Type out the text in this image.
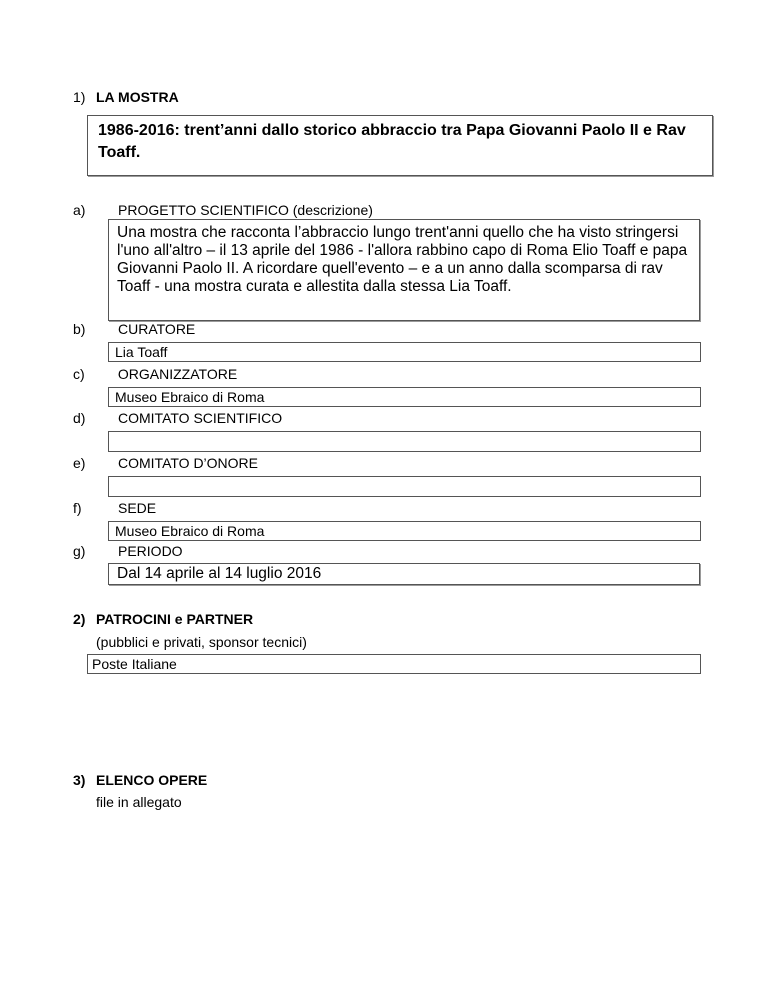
1) LA MOSTRA
1986-2016: trent’anni dallo storico abbraccio tra Papa Giovanni Paolo II e Rav Toaff.
a) PROGETTO SCIENTIFICO (descrizione)
Una mostra che racconta l’abbraccio lungo trent'anni quello che ha visto stringersi l'uno all'altro – il 13 aprile del 1986 - l'allora rabbino capo di Roma Elio Toaff e papa Giovanni Paolo II. A ricordare quell'evento – e a un anno dalla scomparsa di rav Toaff - una mostra curata e allestita dalla stessa Lia Toaff.
b) CURATORE
Lia Toaff
c) ORGANIZZATORE
Museo Ebraico di Roma
d) COMITATO SCIENTIFICO
e) COMITATO D’ONORE
f)	SEDE
Museo Ebraico di Roma
g) PERIODO
Dal 14 aprile al 14 luglio 2016
2) PATROCINI e PARTNER
(pubblici e privati, sponsor tecnici)
Poste Italiane
3) ELENCO OPERE
file in allegato
